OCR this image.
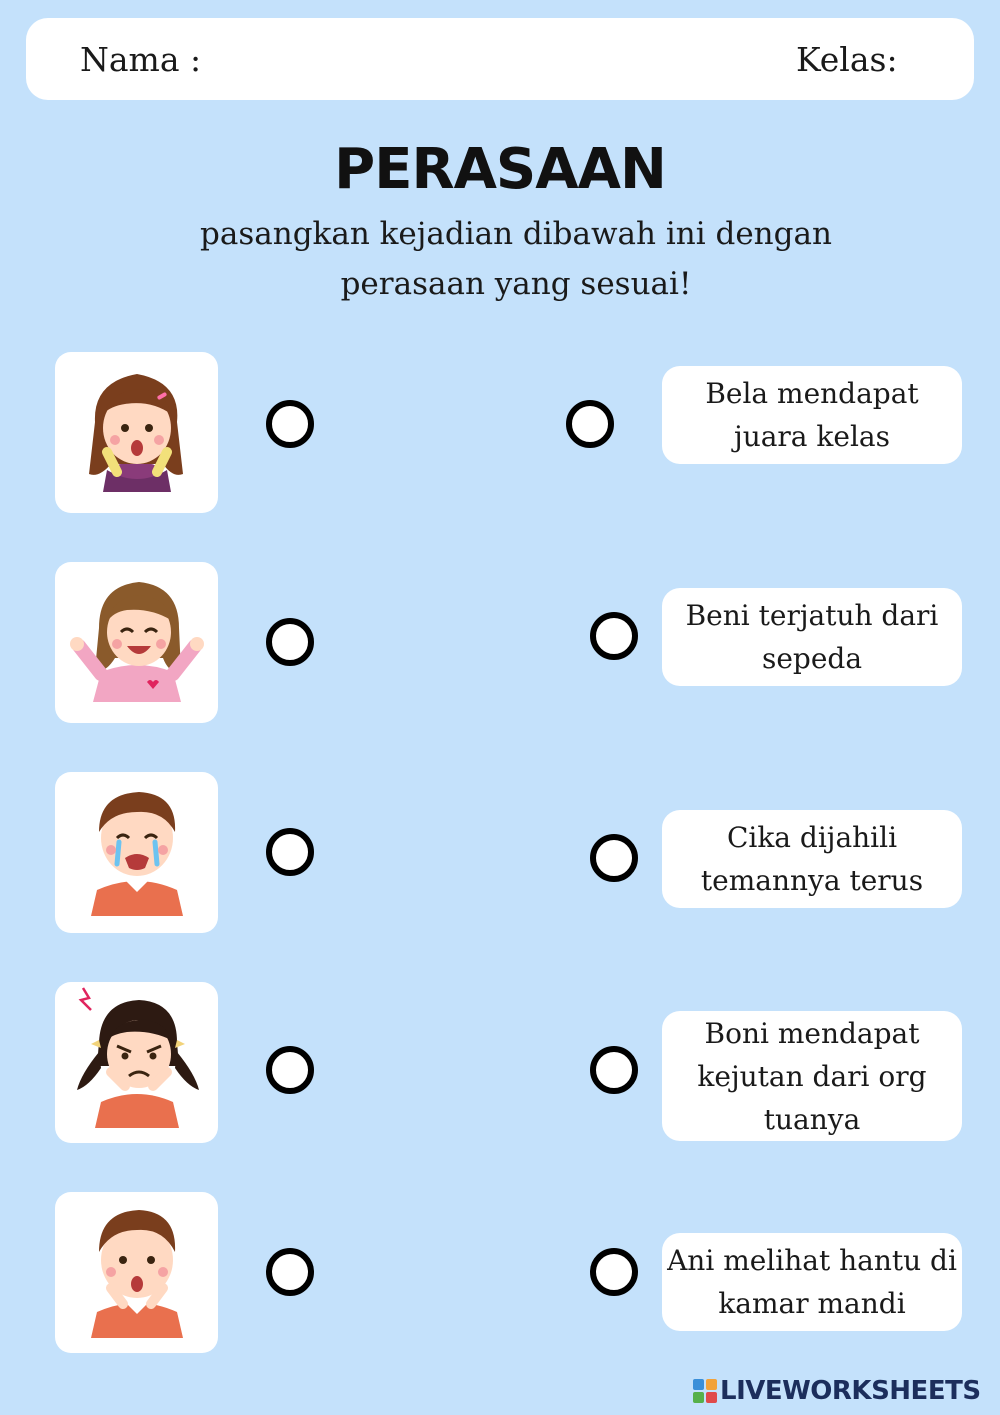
Nama :	Kelas:
PERASAAN
pasangkan kejadian dibawah ini dengan
perasaan yang sesuai!
Bela mendapat juara kelas
Beni terjatuh dari sepeda
Cika dijahili temannya terus
Boni mendapat kejutan dari org tuanya
Ani melihat hantu di kamar mandi
LIVEWORKSHEETS
